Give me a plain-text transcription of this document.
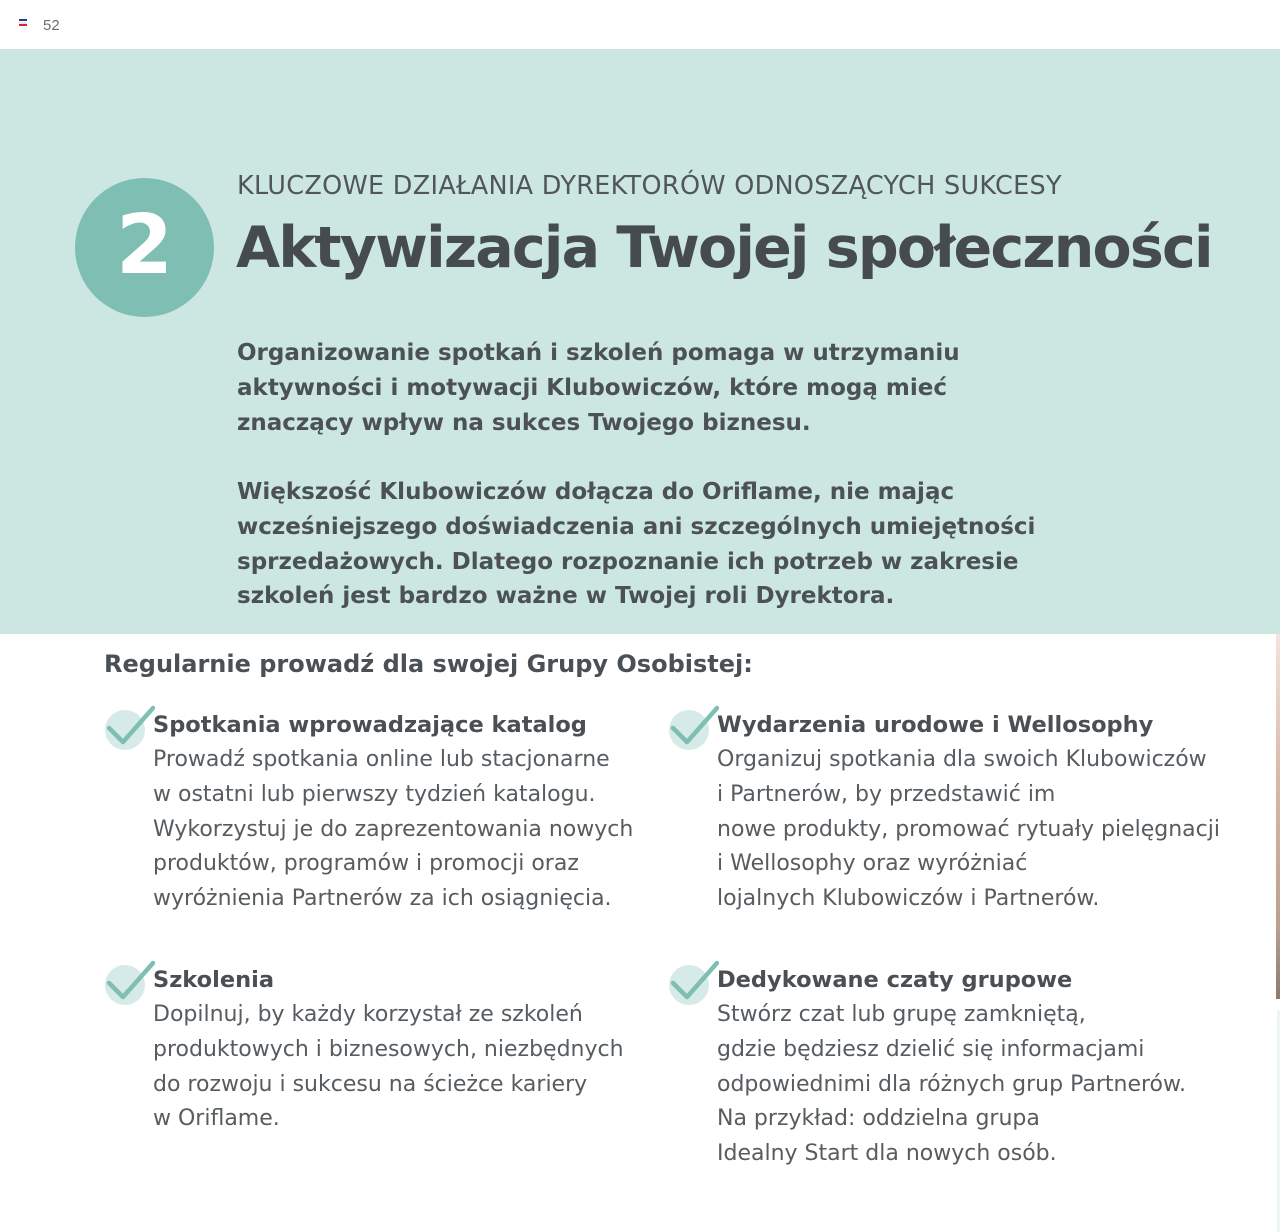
52
2
KLUCZOWE DZIAŁANIA DYREKTORÓW ODNOSZĄCYCH SUKCESY
Aktywizacja Twojej społeczności
Organizowanie spotkań i szkoleń pomaga w utrzymaniu
aktywności i motywacji Klubowiczów, które mogą mieć
znaczący wpływ na sukces Twojego biznesu.
Większość Klubowiczów dołącza do Oriflame, nie mając
wcześniejszego doświadczenia ani szczególnych umiejętności
sprzedażowych. Dlatego rozpoznanie ich potrzeb w zakresie
szkoleń jest bardzo ważne w Twojej roli Dyrektora.
Regularnie prowadź dla swojej Grupy Osobistej:
Spotkania wprowadzające katalog
Prowadź spotkania online lub stacjonarne
w ostatni lub pierwszy tydzień katalogu.
Wykorzystuj je do zaprezentowania nowych
produktów, programów i promocji oraz
wyróżnienia Partnerów za ich osiągnięcia.
Wydarzenia urodowe i Wellosophy
Organizuj spotkania dla swoich Klubowiczów
i Partnerów, by przedstawić im
nowe produkty, promować rytuały pielęgnacji
i Wellosophy oraz wyróżniać
lojalnych Klubowiczów i Partnerów.
Szkolenia
Dopilnuj, by każdy korzystał ze szkoleń
produktowych i biznesowych, niezbędnych
do rozwoju i sukcesu na ścieżce kariery
w Oriflame.
Dedykowane czaty grupowe
Stwórz czat lub grupę zamkniętą,
gdzie będziesz dzielić się informacjami
odpowiednimi dla różnych grup Partnerów.
Na przykład: oddzielna grupa
Idealny Start dla nowych osób.
